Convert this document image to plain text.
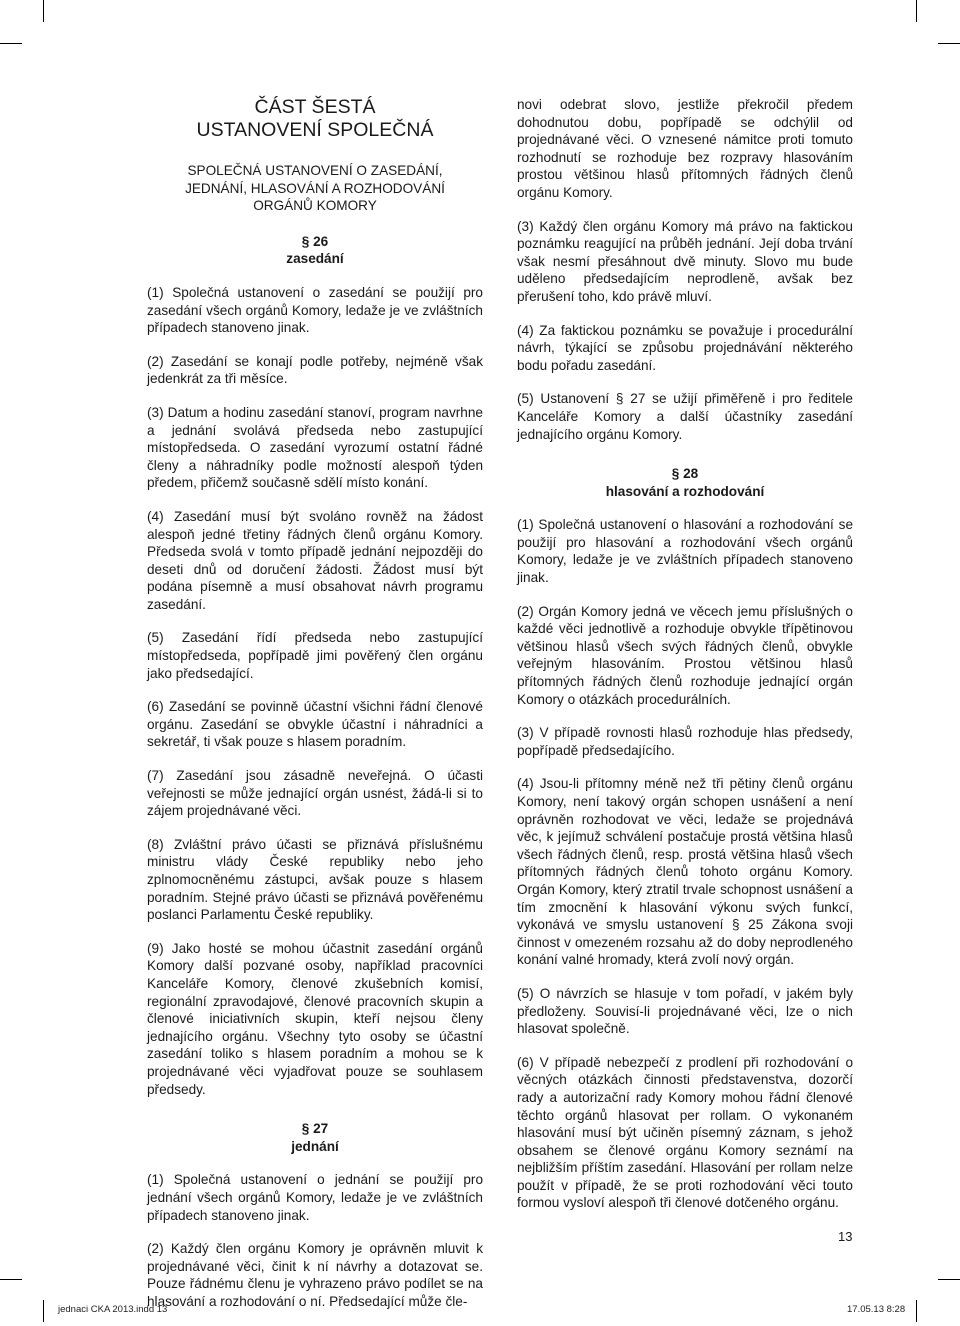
ČÁST ŠESTÁ
USTANOVENÍ SPOLEČNÁ
SPOLEČNÁ USTANOVENÍ O ZASEDÁNÍ,
JEDNÁNÍ, HLASOVÁNÍ A ROZHODOVÁNÍ
ORGÁNŮ KOMORY
§ 26
zasedání

(1) Společná ustanovení o zasedání se použijí pro zasedání všech orgánů Komory, ledaže je ve zvláštních případech stanoveno jinak.

(2) Zasedání se konají podle potřeby, nejméně však jedenkrát za tři měsíce.

(3) Datum a hodinu zasedání stanoví, program navrhne a jednání svolává předseda nebo zastupující místopředseda. O zasedání vyrozumí ostatní řádné členy a náhradníky podle možností alespoň týden předem, přičemž současně sdělí místo konání.

(4) Zasedání musí být svoláno rovněž na žádost alespoň jedné třetiny řádných členů orgánu Komory. Předseda svolá v tomto případě jednání nejpozději do deseti dnů od doručení žádosti. Žádost musí být podána písemně a musí obsahovat návrh programu zasedání.

(5) Zasedání řídí předseda nebo zastupující místopředseda, popřípadě jimi pověřený člen orgánu jako předsedající.

(6) Zasedání se povinně účastní všichni řádní členové orgánu. Zasedání se obvykle účastní i náhradníci a sekretář, ti však pouze s hlasem poradním.

(7) Zasedání jsou zásadně neveřejná. O účasti veřejnosti se může jednající orgán usnést, žádá-li si to zájem projednávané věci.

(8) Zvláštní právo účasti se přiznává příslušnému ministru vlády České republiky nebo jeho zplnomocněnému zástupci, avšak pouze s hlasem poradním. Stejné právo účasti se přiznává pověřenému poslanci Parlamentu České republiky.

(9) Jako hosté se mohou účastnit zasedání orgánů Komory další pozvané osoby, například pracovníci Kanceláře Komory, členové zkušebních komisí, regionální zpravodajové, členové pracovních skupin a členové iniciativních skupin, kteří nejsou členy jednajícího orgánu. Všechny tyto osoby se účastní zasedání toliko s hlasem poradním a mohou se k projednávané věci vyjadřovat pouze se souhlasem předsedy.

§ 27
jednání

(1) Společná ustanovení o jednání se použijí pro jednání všech orgánů Komory, ledaže je ve zvláštních případech stanoveno jinak.

(2) Každý člen orgánu Komory je oprávněn mluvit k projednávané věci, činit k ní návrhy a dotazovat se. Pouze řádnému členu je vyhrazeno právo podílet se na hlasování a rozhodování o ní. Předsedající může čle-

novi odebrat slovo, jestliže překročil předem dohodnutou dobu, popřípadě se odchýlil od projednávané věci. O vznesené námitce proti tomuto rozhodnutí se rozhoduje bez rozpravy hlasováním prostou většinou hlasů přítomných řádných členů orgánu Komory.

(3) Každý člen orgánu Komory má právo na faktickou poznámku reagující na průběh jednání. Její doba trvání však nesmí přesáhnout dvě minuty. Slovo mu bude uděleno předsedajícím neprodleně, avšak bez přerušení toho, kdo právě mluví.

(4) Za faktickou poznámku se považuje i procedurální návrh, týkající se způsobu projednávání některého bodu pořadu zasedání.

(5) Ustanovení § 27 se užijí přiměřeně i pro ředitele Kanceláře Komory a další účastníky zasedání jednajícího orgánu Komory.

§ 28
hlasování a rozhodování

(1) Společná ustanovení o hlasování a rozhodování se použijí pro hlasování a rozhodování všech orgánů Komory, ledaže je ve zvláštních případech stanoveno jinak.

(2) Orgán Komory jedná ve věcech jemu příslušných o každé věci jednotlivě a rozhoduje obvykle třípětinovou většinou hlasů všech svých řádných členů, obvykle veřejným hlasováním. Prostou většinou hlasů přítomných řádných členů rozhoduje jednající orgán Komory o otázkách procedurálních.

(3) V případě rovnosti hlasů rozhoduje hlas předsedy, popřípadě předsedajícího.

(4) Jsou-li přítomny méně než tři pětiny členů orgánu Komory, není takový orgán schopen usnášení a není oprávněn rozhodovat ve věci, ledaže se projednává věc, k jejímuž schválení postačuje prostá většina hlasů všech řádných členů, resp. prostá většina hlasů všech přítomných řádných členů tohoto orgánu Komory. Orgán Komory, který ztratil trvale schopnost usnášení a tím zmocnění k hlasování výkonu svých funkcí, vykonává ve smyslu ustanovení § 25 Zákona svoji činnost v omezeném rozsahu až do doby neprodleného konání valné hromady, která zvolí nový orgán.

(5) O návrzích se hlasuje v tom pořadí, v jakém byly předloženy. Souvisí-li projednávané věci, lze o nich hlasovat společně.

(6) V případě nebezpečí z prodlení při rozhodování o věcných otázkách činnosti představenstva, dozorčí rady a autorizační rady Komory mohou řádní členové těchto orgánů hlasovat per rollam. O vykonaném hlasování musí být učiněn písemný záznam, s jehož obsahem se členové orgánu Komory seznámí na nejbližším příštím zasedání. Hlasování per rollam nelze použít v případě, že se proti rozhodování věci touto formou vysloví alespoň tři členové dotčeného orgánu.

13
jednaci CKA 2013.indd 13	17.05.13 8:28
